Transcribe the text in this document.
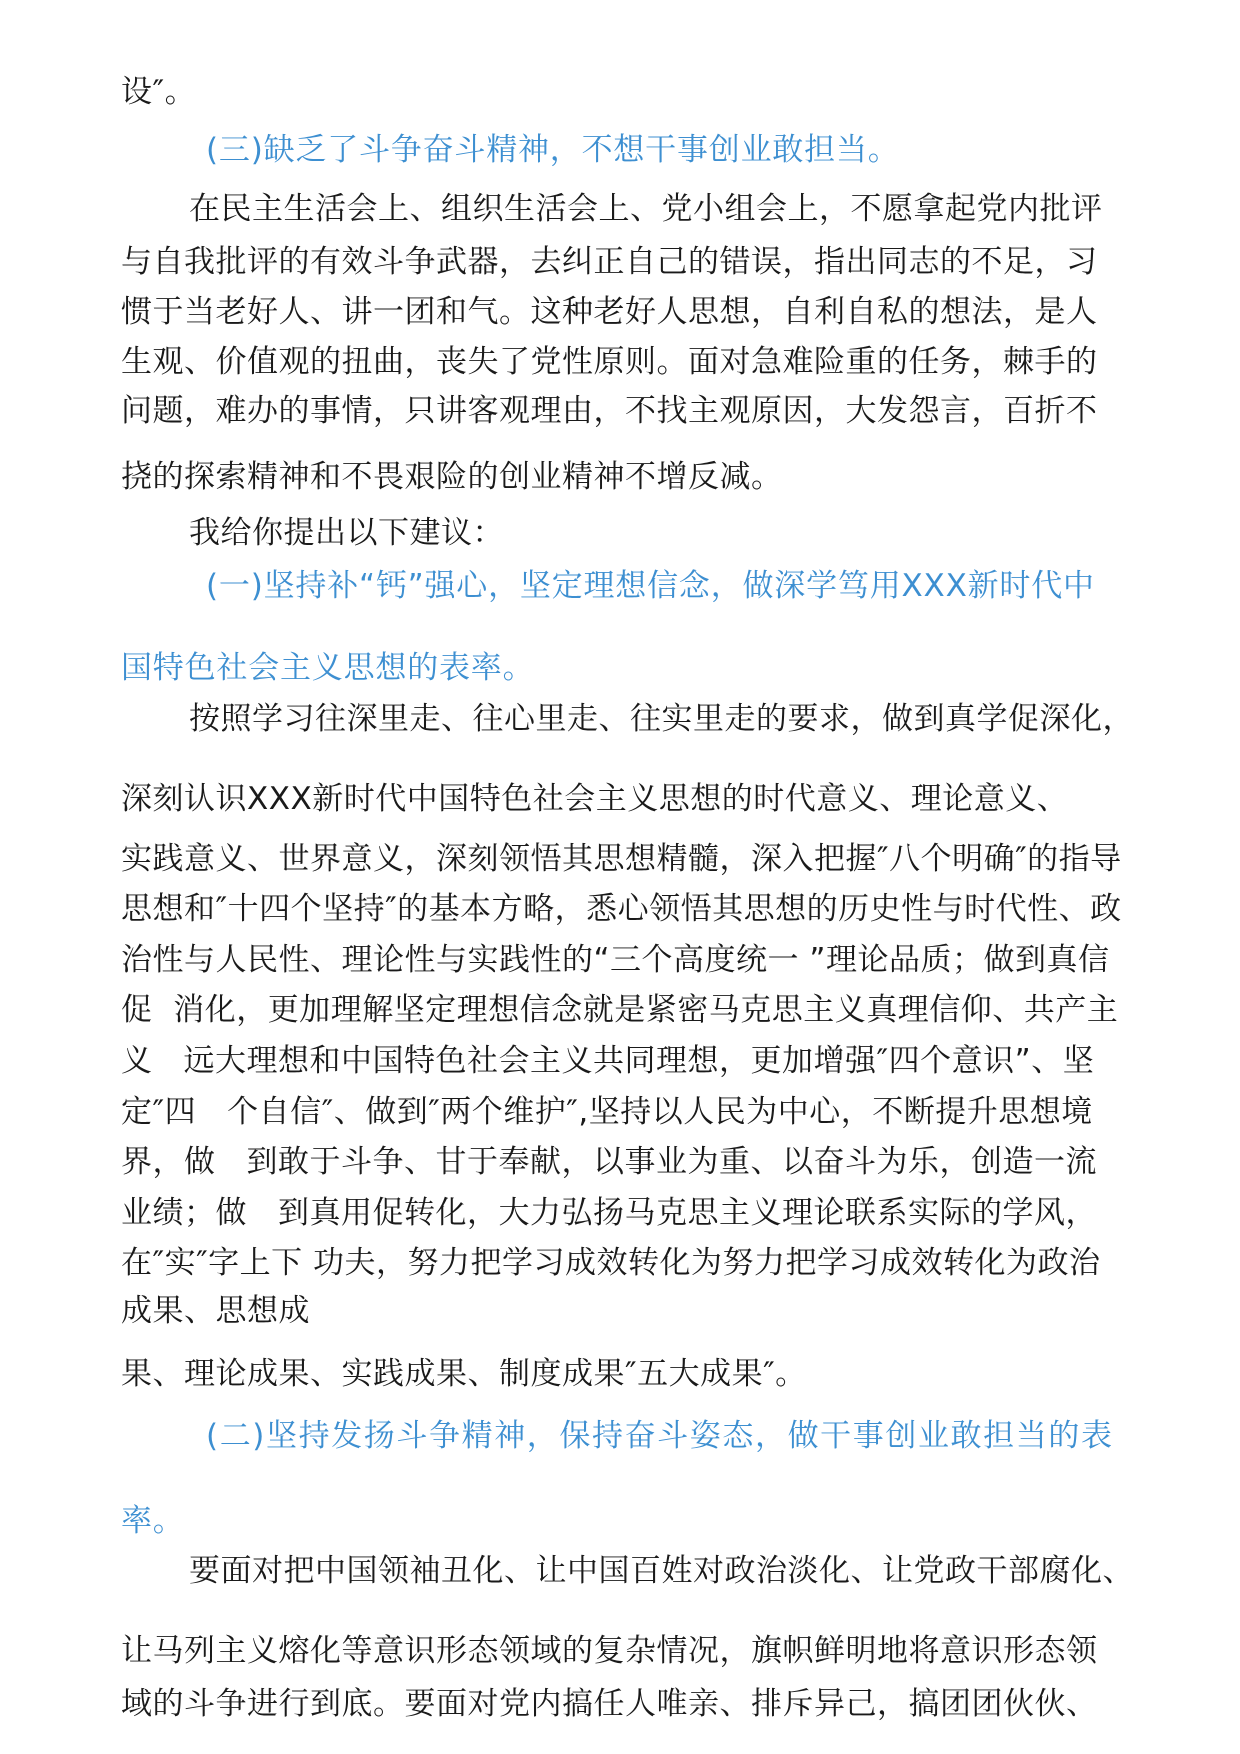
设″。
(三)缺乏了斗争奋斗精神，不想干事创业敢担当。
在民主生活会上、组织生活会上、党小组会上，不愿拿起党内批评
与自我批评的有效斗争武器，去纠正自己的错误，指出同志的不足，习
惯于当老好人、讲一团和气。这种老好人思想，自利自私的想法，是人
生观、价值观的扭曲，丧失了党性原则。面对急难险重的任务，棘手的
问题，难办的事情，只讲客观理由，不找主观原因，大发怨言，百折不
挠的探索精神和不畏艰险的创业精神不增反减。
我给你提出以下建议：
(一)坚持补“钙”强心，坚定理想信念，做深学笃用XXX新时代中
国特色社会主义思想的表率。
按照学习往深里走、往心里走、往实里走的要求，做到真学促深化，
深刻认识XXX新时代中国特色社会主义思想的时代意义、理论意义、
实践意义、世界意义，深刻领悟其思想精髓，深入把握″八个明确″的指导
思想和″十四个坚持″的基本方略，悉心领悟其思想的历史性与时代性、政
治性与人民性、理论性与实践性的“三个高度统一 ”理论品质；做到真信
促  消化，更加理解坚定理想信念就是紧密马克思主义真理信仰、共产主
义   远大理想和中国特色社会主义共同理想，更加增强″四个意识”、坚
定″四   个自信″、做到″两个维护″,坚持以人民为中心，不断提升思想境
界，做   到敢于斗争、甘于奉献，以事业为重、以奋斗为乐，创造一流
业绩；做   到真用促转化，大力弘扬马克思主义理论联系实际的学风，
在″实″字上下 功夫，努力把学习成效转化为努力把学习成效转化为政治
成果、思想成
果、理论成果、实践成果、制度成果″五大成果″。
(二)坚持发扬斗争精神，保持奋斗姿态，做干事创业敢担当的表
率。
要面对把中国领袖丑化、让中国百姓对政治淡化、让党政干部腐化、
让马列主义熔化等意识形态领域的复杂情况，旗帜鲜明地将意识形态领
域的斗争进行到底。要面对党内搞任人唯亲、排斥异己，搞团团伙伙、
